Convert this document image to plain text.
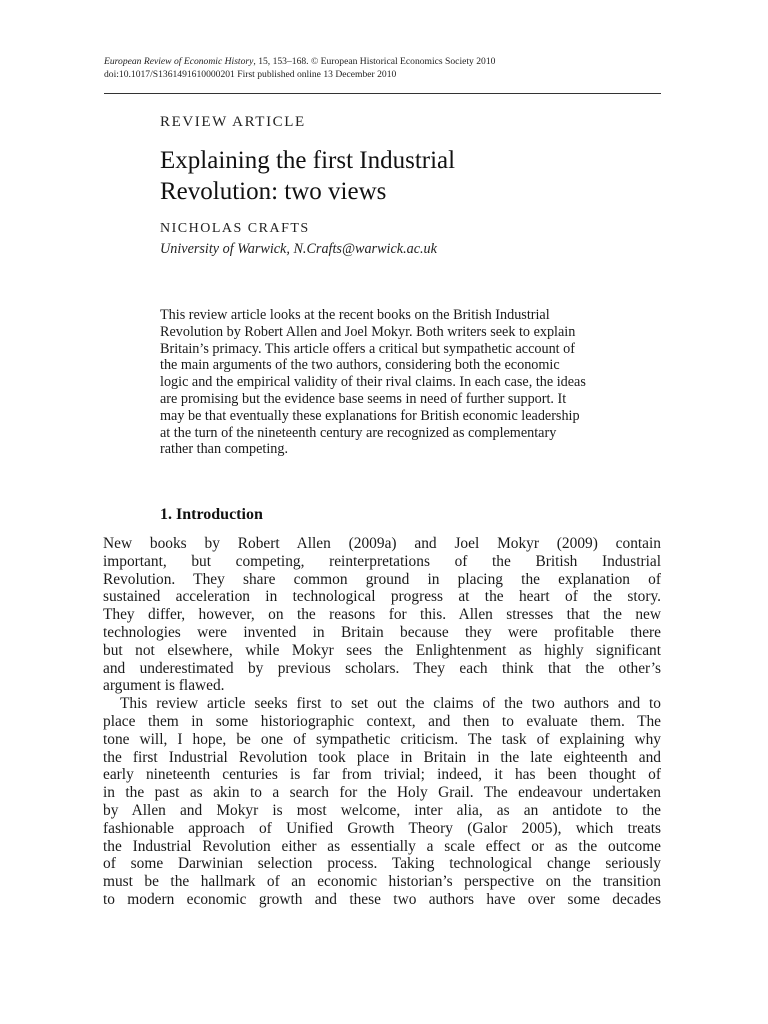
European Review of Economic History, 15, 153–168. © European Historical Economics Society 2010
doi:10.1017/S1361491610000201 First published online 13 December 2010
REVIEW ARTICLE
Explaining the first Industrial
Revolution: two views
NICHOLAS CRAFTS
University of Warwick, N.Crafts@warwick.ac.uk
This review article looks at the recent books on the British Industrial
Revolution by Robert Allen and Joel Mokyr. Both writers seek to explain
Britain’s primacy. This article offers a critical but sympathetic account of
the main arguments of the two authors, considering both the economic
logic and the empirical validity of their rival claims. In each case, the ideas
are promising but the evidence base seems in need of further support. It
may be that eventually these explanations for British economic leadership
at the turn of the nineteenth century are recognized as complementary
rather than competing.
1. Introduction
New books by Robert Allen (2009a) and Joel Mokyr (2009) contain
important, but competing, reinterpretations of the British Industrial
Revolution. They share common ground in placing the explanation of
sustained acceleration in technological progress at the heart of the story.
They differ, however, on the reasons for this. Allen stresses that the new
technologies were invented in Britain because they were profitable there
but not elsewhere, while Mokyr sees the Enlightenment as highly significant
and underestimated by previous scholars. They each think that the other’s
argument is flawed.
This review article seeks first to set out the claims of the two authors and to
place them in some historiographic context, and then to evaluate them. The
tone will, I hope, be one of sympathetic criticism. The task of explaining why
the first Industrial Revolution took place in Britain in the late eighteenth and
early nineteenth centuries is far from trivial; indeed, it has been thought of
in the past as akin to a search for the Holy Grail. The endeavour undertaken
by Allen and Mokyr is most welcome, inter alia, as an antidote to the
fashionable approach of Unified Growth Theory (Galor 2005), which treats
the Industrial Revolution either as essentially a scale effect or as the outcome
of some Darwinian selection process. Taking technological change seriously
must be the hallmark of an economic historian’s perspective on the transition
to modern economic growth and these two authors have over some decades
